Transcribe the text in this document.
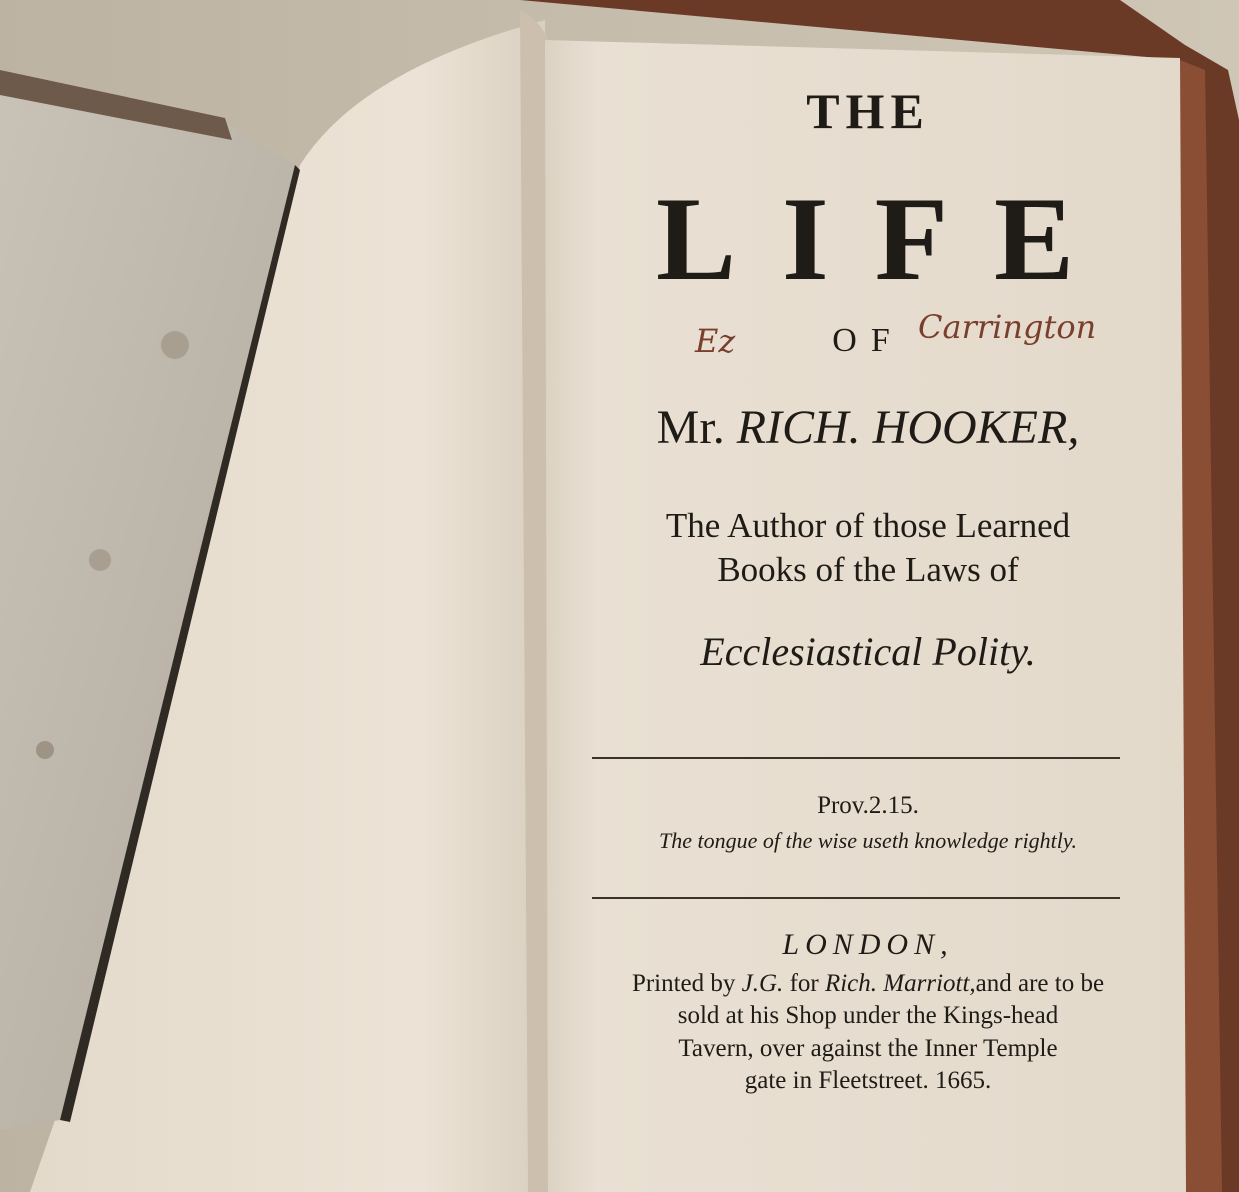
THE
LIFE
Ez	Carrington
OF
Mr. RICH. HOOKER,
The Author of those Learned
Books of the Laws of
Ecclesiastical Polity.
Prov.2.15.
The tongue of the wise useth knowledge rightly.
LONDON,
Printed by J.G. for Rich. Marriott,and are to be
sold at his Shop under the Kings-head
Tavern, over against the Inner Temple
gate in Fleetstreet. 1665.
